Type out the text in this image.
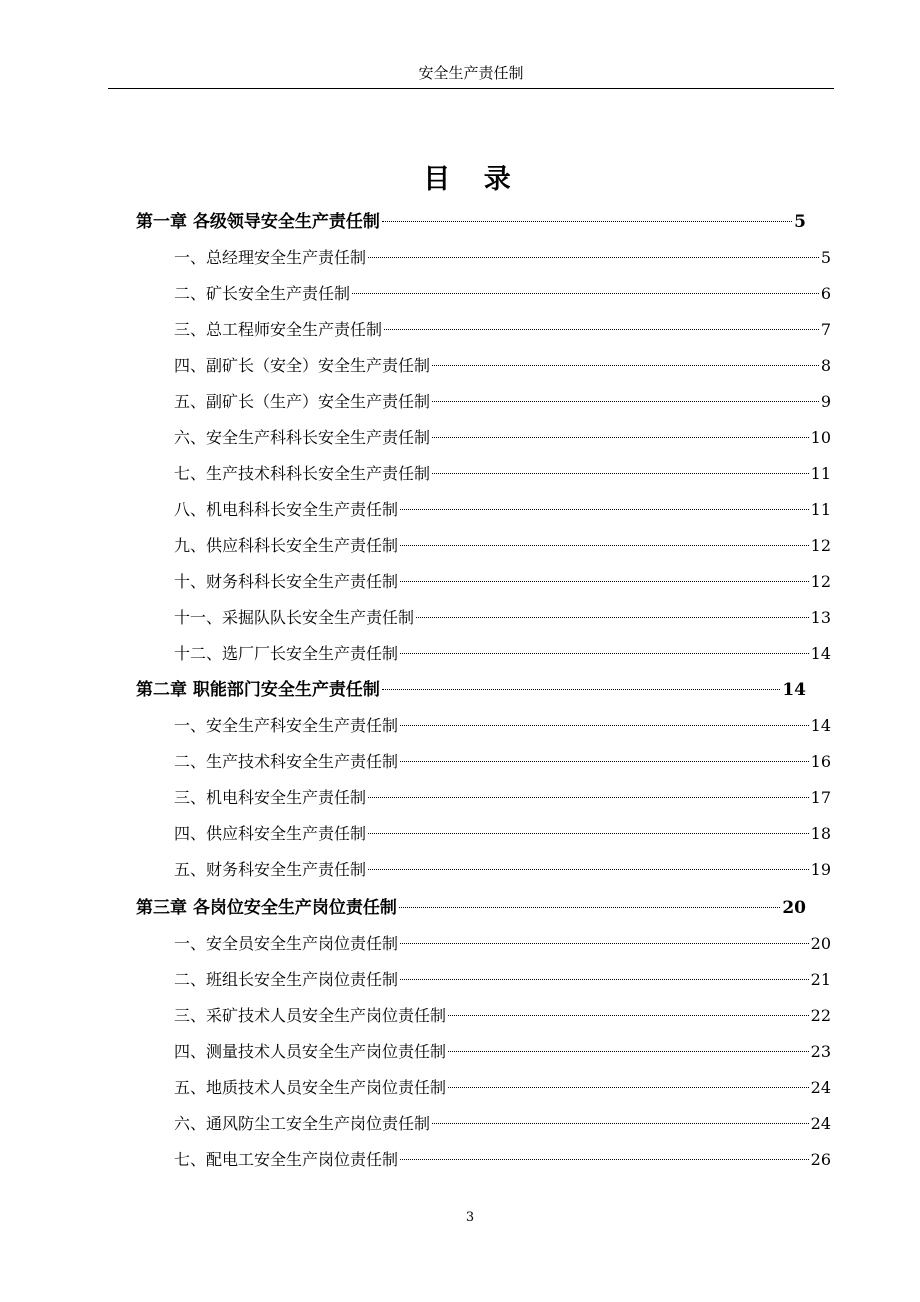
安全生产责任制
目 录
第一章 各级领导安全生产责任制	5
一、总经理安全生产责任制	5
二、矿长安全生产责任制	6
三、总工程师安全生产责任制	7
四、副矿长（安全）安全生产责任制	8
五、副矿长（生产）安全生产责任制	9
六、安全生产科科长安全生产责任制	10
七、生产技术科科长安全生产责任制	11
八、机电科科长安全生产责任制	11
九、供应科科长安全生产责任制	12
十、财务科科长安全生产责任制	12
十一、采掘队队长安全生产责任制	13
十二、选厂厂长安全生产责任制	14
第二章 职能部门安全生产责任制	14
一、安全生产科安全生产责任制	14
二、生产技术科安全生产责任制	16
三、机电科安全生产责任制	17
四、供应科安全生产责任制	18
五、财务科安全生产责任制	19
第三章 各岗位安全生产岗位责任制	20
一、安全员安全生产岗位责任制	20
二、班组长安全生产岗位责任制	21
三、采矿技术人员安全生产岗位责任制	22
四、测量技术人员安全生产岗位责任制	23
五、地质技术人员安全生产岗位责任制	24
六、通风防尘工安全生产岗位责任制	24
七、配电工安全生产岗位责任制	26
3
